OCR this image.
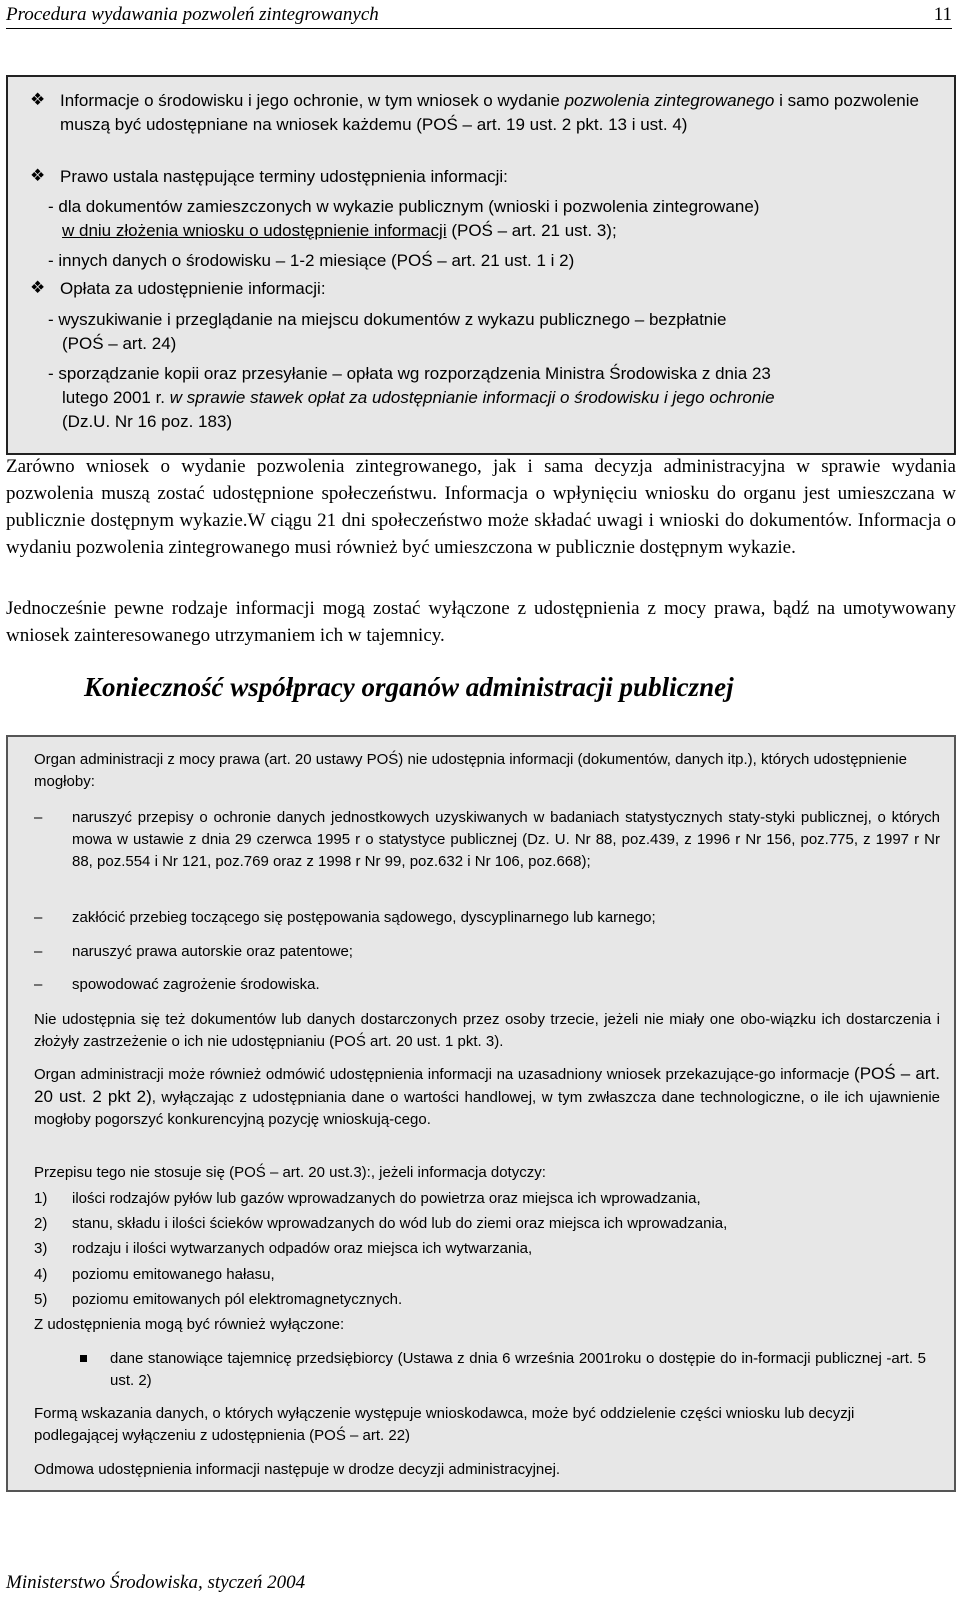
Procedura wydawania pozwoleń zintegrowanych	11
❖ Informacje o środowisku i jego ochronie, w tym wniosek o wydanie pozwolenia zintegrowanego i samo pozwolenie muszą być udostępniane na wniosek każdemu (POŚ – art. 19 ust. 2 pkt. 13 i ust. 4)
❖ Prawo ustala następujące terminy udostępnienia informacji:
- dla dokumentów zamieszczonych w wykazie publicznym (wnioski i pozwolenia zintegrowane)
w dniu złożenia wniosku o udostępnienie informacji (POŚ – art. 21 ust. 3);
- innych danych o środowisku – 1-2 miesiące (POŚ – art. 21 ust. 1 i 2)
❖ Opłata za udostępnienie informacji:
- wyszukiwanie i przeglądanie na miejscu dokumentów z wykazu publicznego – bezpłatnie
(POŚ – art. 24)
- sporządzanie kopii oraz przesyłanie – opłata wg rozporządzenia Ministra Środowiska z dnia 23
lutego 2001 r. w sprawie stawek opłat za udostępnianie informacji o środowisku i jego ochronie
(Dz.U. Nr 16 poz. 183)
Zarówno wniosek o wydanie pozwolenia zintegrowanego, jak i sama decyzja administracyjna w sprawie wydania pozwolenia muszą zostać udostępnione społeczeństwu. Informacja o wpłynięciu wniosku do organu jest umieszczana w publicznie dostępnym wykazie.W ciągu 21 dni społeczeństwo może składać uwagi i wnioski do dokumentów. Informacja o wydaniu pozwolenia zintegrowanego musi również być umieszczona w publicznie dostępnym wykazie.
Jednocześnie pewne rodzaje informacji mogą zostać wyłączone z udostępnienia z mocy prawa, bądź na umotywowany wniosek zainteresowanego utrzymaniem ich w tajemnicy.
Konieczność współpracy organów administracji publicznej
Organ administracji z mocy prawa (art. 20 ustawy POŚ) nie udostępnia informacji (dokumentów, danych itp.), których udostępnienie mogłoby:
– naruszyć przepisy o ochronie danych jednostkowych uzyskiwanych w badaniach statystycznych staty-styki publicznej, o których mowa w ustawie z dnia 29 czerwca 1995 r o statystyce publicznej (Dz. U. Nr 88, poz.439, z 1996 r Nr 156, poz.775, z 1997 r Nr 88, poz.554 i Nr 121, poz.769 oraz z 1998 r Nr 99, poz.632 i Nr 106, poz.668);
– zakłócić przebieg toczącego się postępowania sądowego, dyscyplinarnego lub karnego;
– naruszyć prawa autorskie oraz patentowe;
– spowodować zagrożenie środowiska.
Nie udostępnia się też dokumentów lub danych dostarczonych przez osoby trzecie, jeżeli nie miały one obo-wiązku ich dostarczenia i złożyły zastrzeżenie o ich nie udostępnianiu (POŚ art. 20 ust. 1 pkt. 3).
Organ administracji może również odmówić udostępnienia informacji na uzasadniony wniosek przekazujące-go informacje (POŚ – art. 20 ust. 2 pkt 2), wyłączając z udostępniania dane o wartości handlowej, w tym zwłaszcza dane technologiczne, o ile ich ujawnienie mogłoby pogorszyć konkurencyjną pozycję wnioskują-cego.
Przepisu tego nie stosuje się (POŚ – art. 20 ust.3):, jeżeli informacja dotyczy:
1) ilości rodzajów pyłów lub gazów wprowadzanych do powietrza oraz miejsca ich wprowadzania,
2) stanu, składu i ilości ścieków wprowadzanych do wód lub do ziemi oraz miejsca ich wprowadzania,
3) rodzaju i ilości wytwarzanych odpadów oraz miejsca ich wytwarzania,
4) poziomu emitowanego hałasu,
5) poziomu emitowanych pól elektromagnetycznych.
Z udostępnienia mogą być również wyłączone:
dane stanowiące tajemnicę przedsiębiorcy (Ustawa z dnia 6 września 2001roku o dostępie do in-formacji publicznej -art. 5 ust. 2)
Formą wskazania danych, o których wyłączenie występuje wnioskodawca, może być oddzielenie części wniosku lub decyzji podlegającej wyłączeniu z udostępnienia (POŚ – art. 22)
Odmowa udostępnienia informacji następuje w drodze decyzji administracyjnej.
Ministerstwo Środowiska, styczeń 2004
